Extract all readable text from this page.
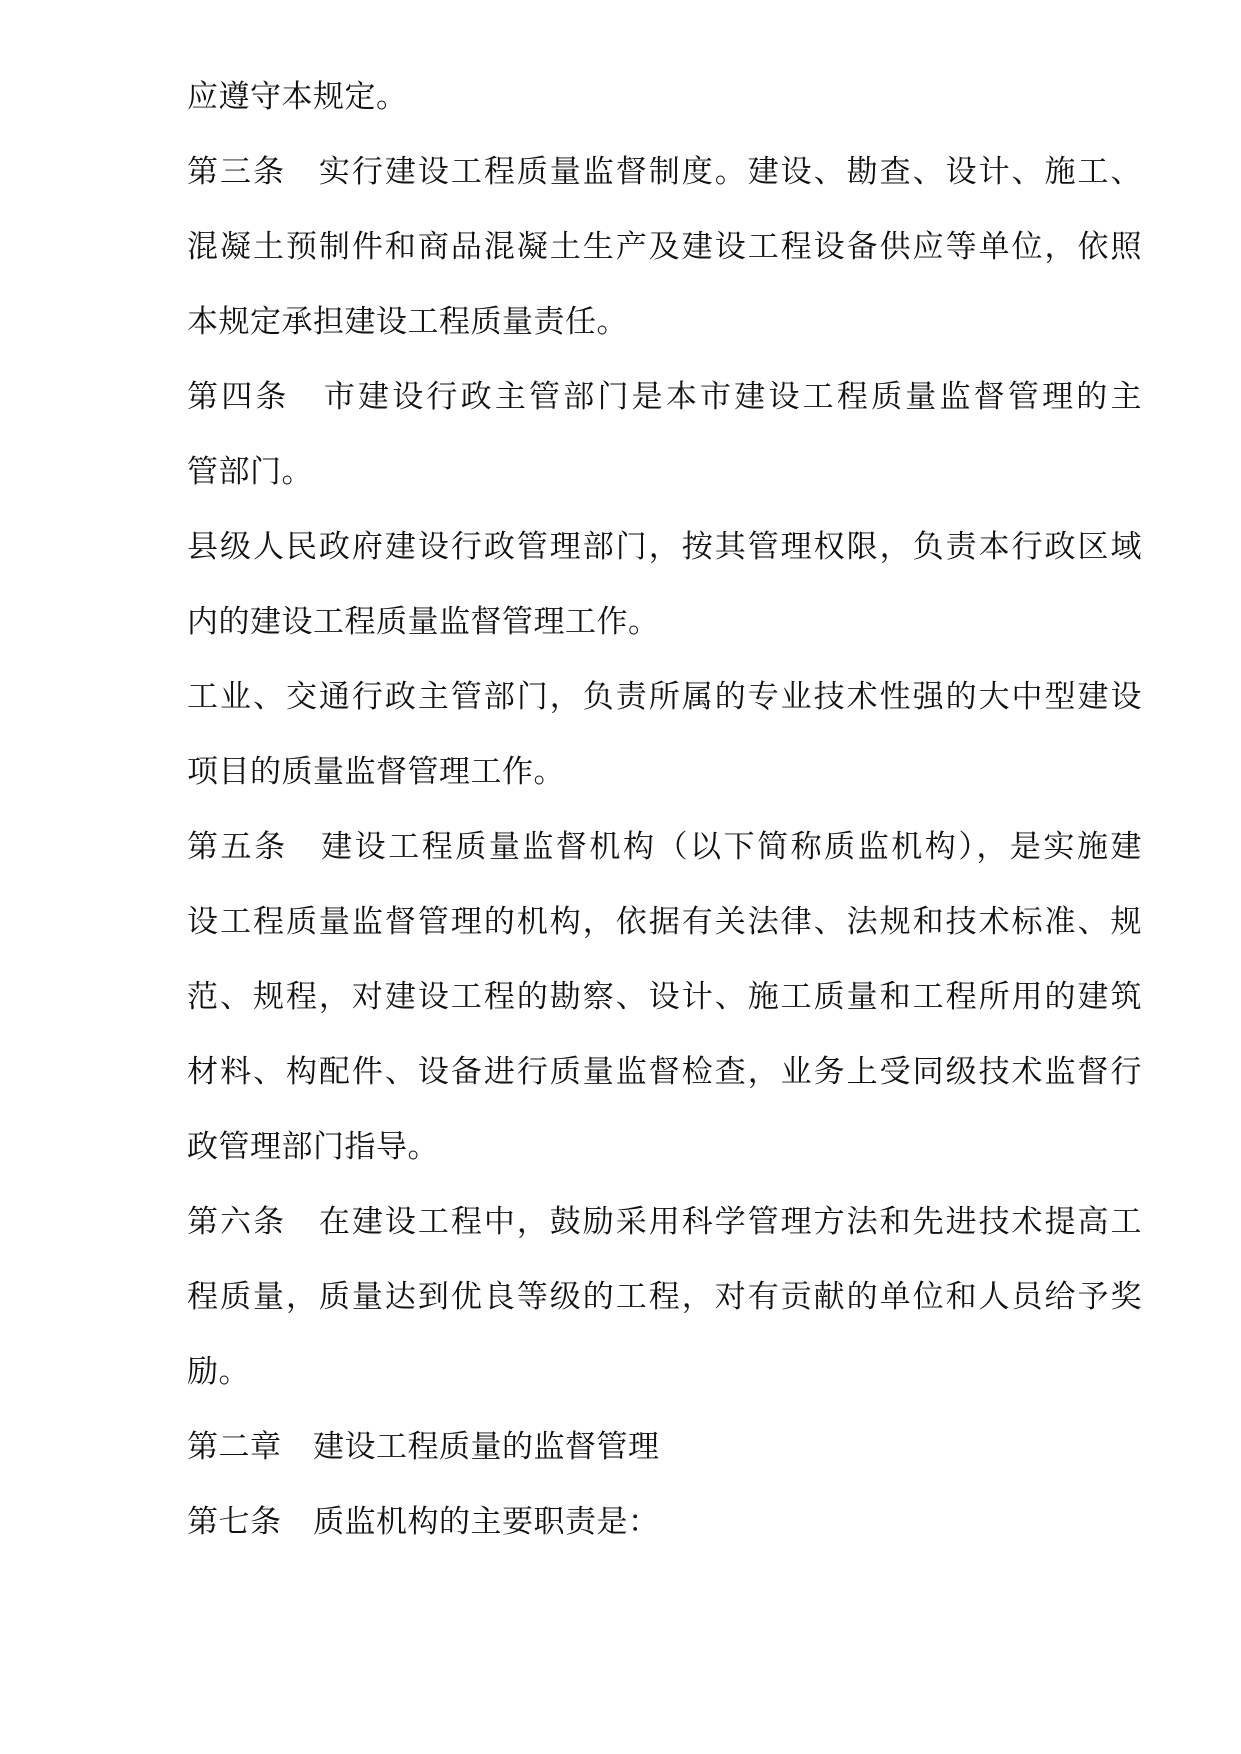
应遵守本规定。
第三条　实行建设工程质量监督制度。建设、勘查、设计、施工、
混凝土预制件和商品混凝土生产及建设工程设备供应等单位，依照
本规定承担建设工程质量责任。
第四条　市建设行政主管部门是本市建设工程质量监督管理的主
管部门。
县级人民政府建设行政管理部门，按其管理权限，负责本行政区域
内的建设工程质量监督管理工作。
工业、交通行政主管部门，负责所属的专业技术性强的大中型建设
项目的质量监督管理工作。
第五条　建设工程质量监督机构（以下简称质监机构），是实施建
设工程质量监督管理的机构，依据有关法律、法规和技术标准、规
范、规程，对建设工程的勘察、设计、施工质量和工程所用的建筑
材料、构配件、设备进行质量监督检查，业务上受同级技术监督行
政管理部门指导。
第六条　在建设工程中，鼓励采用科学管理方法和先进技术提高工
程质量，质量达到优良等级的工程，对有贡献的单位和人员给予奖
励。
第二章　建设工程质量的监督管理
第七条　质监机构的主要职责是：
